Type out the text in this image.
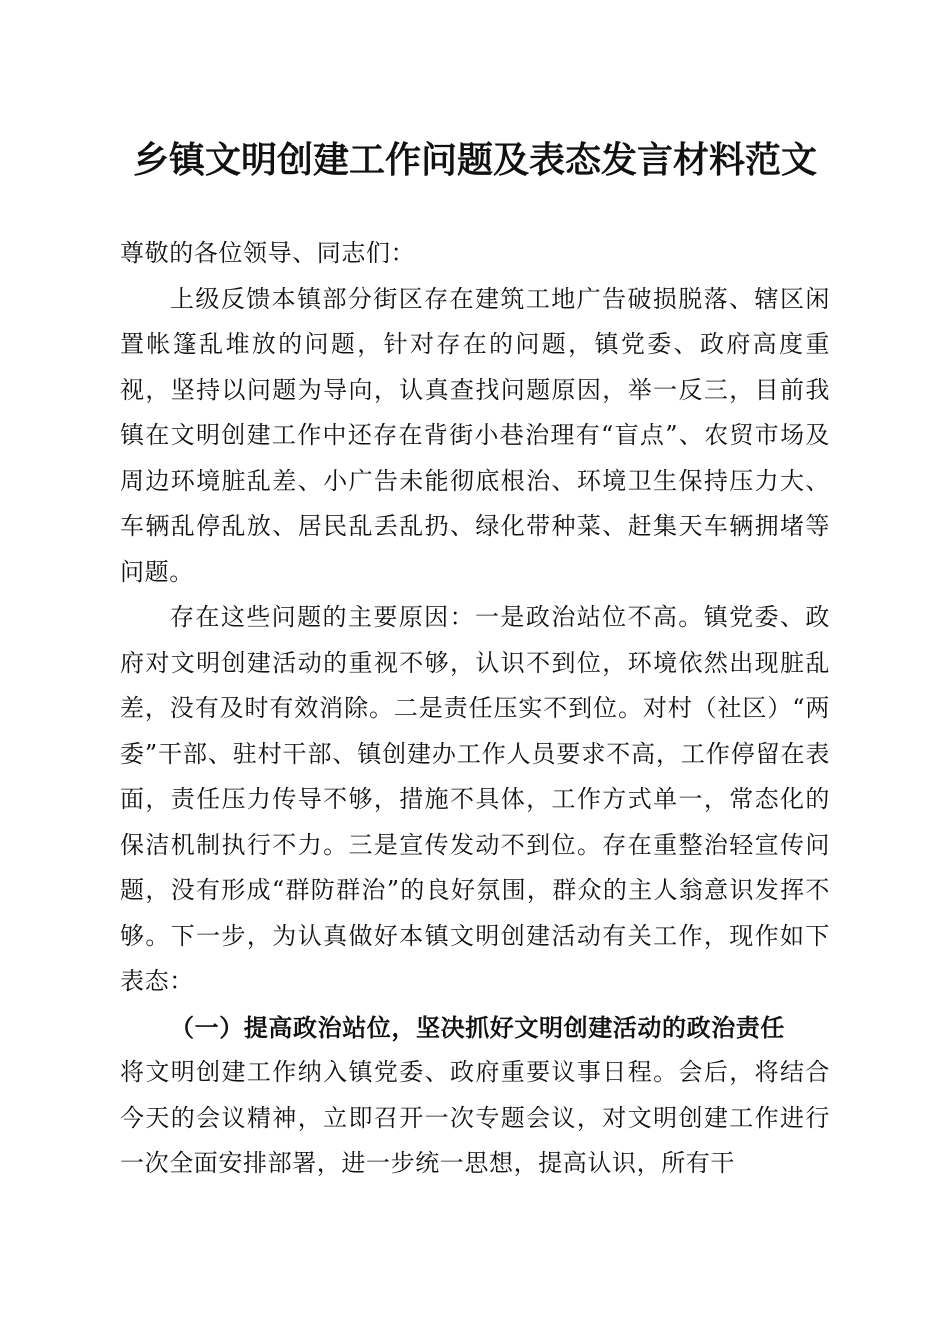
乡镇文明创建工作问题及表态发言材料范文

尊敬的各位领导、同志们：

上级反馈本镇部分街区存在建筑工地广告破损脱落、辖区闲置帐篷乱堆放的问题，针对存在的问题，镇党委、政府高度重视，坚持以问题为导向，认真查找问题原因，举一反三，目前我镇在文明创建工作中还存在背街小巷治理有“盲点”、农贸市场及周边环境脏乱差、小广告未能彻底根治、环境卫生保持压力大、车辆乱停乱放、居民乱丢乱扔、绿化带种菜、赶集天车辆拥堵等问题。

存在这些问题的主要原因：一是政治站位不高。镇党委、政府对文明创建活动的重视不够，认识不到位，环境依然出现脏乱差，没有及时有效消除。二是责任压实不到位。对村（社区）“两委”干部、驻村干部、镇创建办工作人员要求不高，工作停留在表面，责任压力传导不够，措施不具体，工作方式单一，常态化的保洁机制执行不力。三是宣传发动不到位。存在重整治轻宣传问题，没有形成“群防群治”的良好氛围，群众的主人翁意识发挥不够。下一步，为认真做好本镇文明创建活动有关工作，现作如下表态：

（一）提高政治站位，坚决抓好文明创建活动的政治责任

将文明创建工作纳入镇党委、政府重要议事日程。会后，将结合今天的会议精神，立即召开一次专题会议，对文明创建工作进行一次全面安排部署，进一步统一思想，提高认识，所有干
